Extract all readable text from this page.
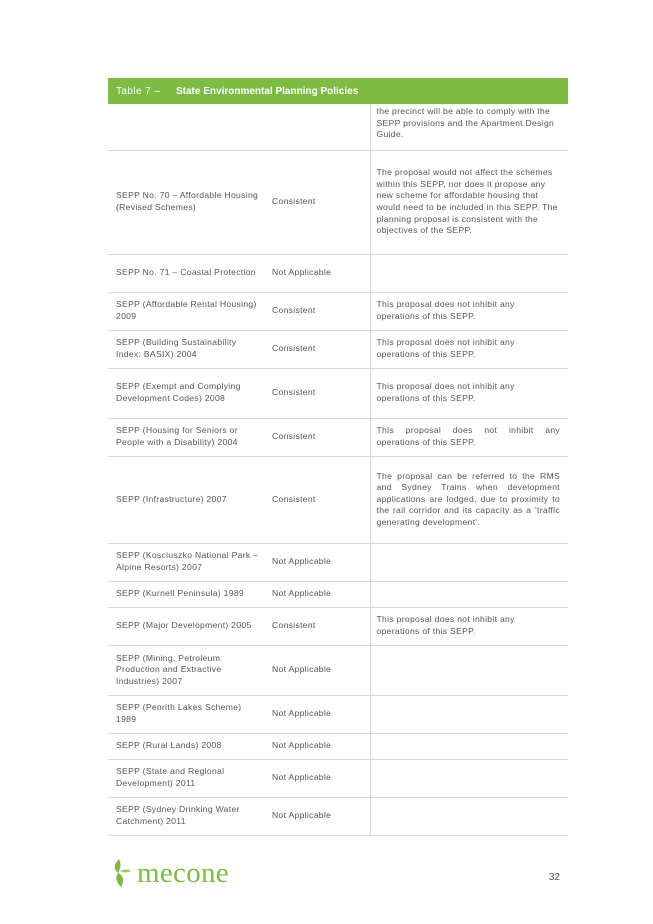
Table 7 –	State Environmental Planning Policies
		the precinct will be able to comply with the SEPP provisions and the Apartment Design Guide.
SEPP No. 70 – Affordable Housing (Revised Schemes)	Consistent	The proposal would not affect the schemes within this SEPP, nor does it propose any new scheme for affordable housing that would need to be included in this SEPP. The planning proposal is consistent with the objectives of the SEPP.
SEPP No. 71 – Coastal Protection	Not Applicable	
SEPP (Affordable Rental Housing) 2009	Consistent	This proposal does not inhibit any operations of this SEPP.
SEPP (Building Sustainability Index: BASIX) 2004	Consistent	This proposal does not inhibit any operations of this SEPP.
SEPP (Exempt and Complying Development Codes) 2008	Consistent	This proposal does not inhibit any operations of this SEPP.
SEPP (Housing for Seniors or People with a Disability) 2004	Consistent	This proposal does not inhibit any operations of this SEPP.
SEPP (Infrastructure) 2007	Consistent	The proposal can be referred to the RMS and Sydney Trains when development applications are lodged, due to proximity to the rail corridor and its capacity as a ‘traffic generating development’.
SEPP (Kosciuszko National Park – Alpine Resorts) 2007	Not Applicable	
SEPP (Kurnell Peninsula) 1989	Not Applicable	
SEPP (Major Development) 2005	Consistent	This proposal does not inhibit any operations of this SEPP.
SEPP (Mining, Petroleum Production and Extractive Industries) 2007	Not Applicable	
SEPP (Penrith Lakes Scheme) 1989	Not Applicable	
SEPP (Rural Lands) 2008	Not Applicable	
SEPP (State and Regional Development) 2011	Not Applicable	
SEPP (Sydney Drinking Water Catchment) 2011	Not Applicable	
mecone	32
